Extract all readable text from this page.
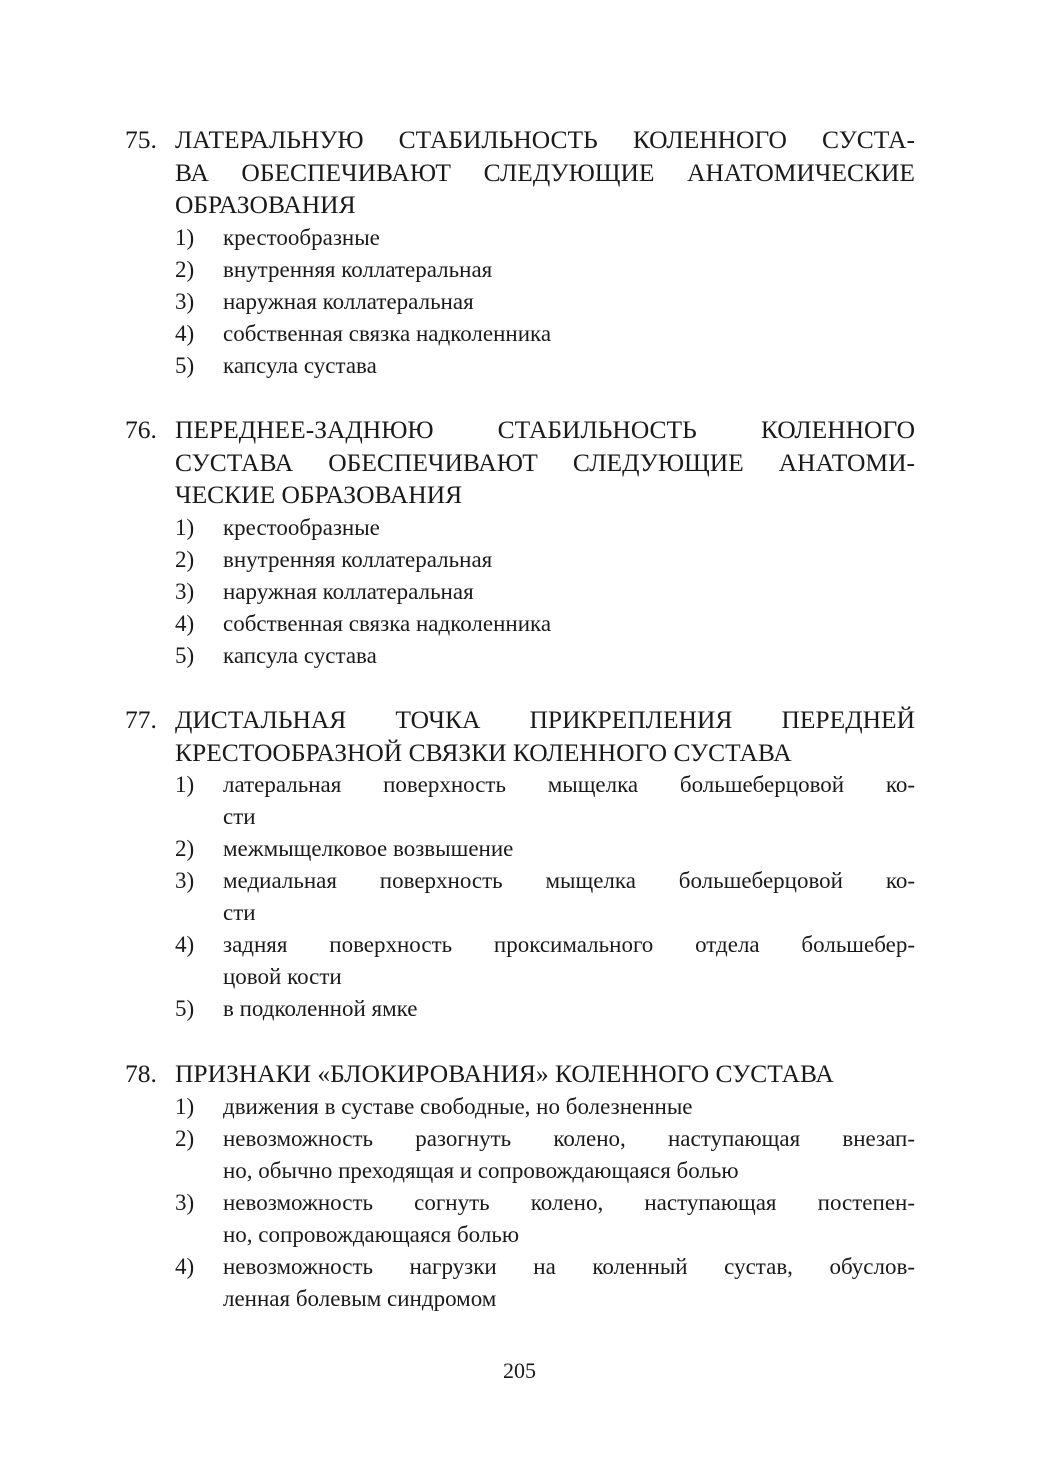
75. ЛАТЕРАЛЬНУЮ СТАБИЛЬНОСТЬ КОЛЕННОГО СУСТА-
ВА ОБЕСПЕЧИВАЮТ СЛЕДУЮЩИЕ АНАТОМИЧЕСКИЕ
ОБРАЗОВАНИЯ
1)	крестообразные
2)	внутренняя коллатеральная
3)	наружная коллатеральная
4)	собственная связка надколенника
5)	капсула сустава
76. ПЕРЕДНЕЕ-ЗАДНЮЮ СТАБИЛЬНОСТЬ КОЛЕННОГО
СУСТАВА ОБЕСПЕЧИВАЮТ СЛЕДУЮЩИЕ АНАТОМИ-
ЧЕСКИЕ ОБРАЗОВАНИЯ
1)	крестообразные
2)	внутренняя коллатеральная
3)	наружная коллатеральная
4)	собственная связка надколенника
5)	капсула сустава
77. ДИСТАЛЬНАЯ ТОЧКА ПРИКРЕПЛЕНИЯ ПЕРЕДНЕЙ
КРЕСТООБРАЗНОЙ СВЯЗКИ КОЛЕННОГО СУСТАВА
1)	латеральная поверхность мыщелка большеберцовой ко-
сти
2)	межмыщелковое возвышение
3)	медиальная поверхность мыщелка большеберцовой ко-
сти
4)	задняя поверхность проксимального отдела большебер-
цовой кости
5)	в подколенной ямке
78. ПРИЗНАКИ «БЛОКИРОВАНИЯ» КОЛЕННОГО СУСТАВА
1)	движения в суставе свободные, но болезненные
2)	невозможность разогнуть колено, наступающая внезап-
но, обычно преходящая и сопровождающаяся болью
3)	невозможность согнуть колено, наступающая постепен-
но, сопровождающаяся болью
4)	невозможность нагрузки на коленный сустав, обуслов-
ленная болевым синдромом
205
